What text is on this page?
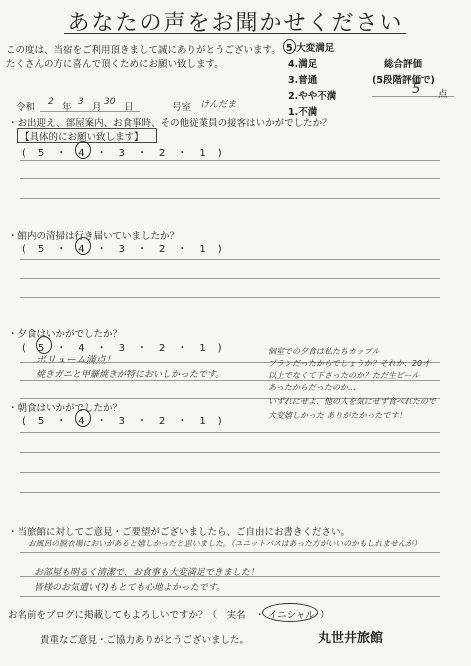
あなたの声をお聞かせください
この度は、当宿をご利用頂きまして誠にありがとうございます。
たくさんの方に喜んで頂くためにお願い致します。
5.大変満足
4.満足
3.普通
2.やや不満
1.不満
総合評価
(5段階評価で)
5 点
令和 2 年 3 月 30 日	号室 けんだま
・お出迎え、部屋案内、お食事時、その他従業員の接客はいかがでしたか？
【具体的にお願い致します】
(　5　・　4　・　3　・　2　・　1　)
・館内の清掃は行き届いていましたか？
(　5　・　4　・　3　・　2　・　1　)
・夕食はいかがでしたか？
(　5　・　4　・　3　・　2　・　1　)
ボリューム満点！
焼きガニと甲羅焼きが特においしかったです。
個室での夕食は私たちカップル
プランだったからでしょうか？それか、20才
以上でなくて下さったのか？ただ生ビール
あったからだったのか…
いずれにせよ、他の人を気にせず食べれたので
大変嬉しかった ありがたかったです！
・朝食はいかがでしたか？
(　5　・　4　・　3　・　2　・　1　)
・当旅館に対してご意見・ご要望がございましたら、ご自由にお書きください。
お風呂の脱衣場においがあると嬉しかったと思いました。（ユニットバスはあった方がいいのかもしれませんが）
お部屋も明るく清潔で、お食事も大変満足できました！
皆様のお気遣い(?)もとても心地よかったです。
お名前をブログに掲載してもよろしいですか？（　実名　・ イニシャル ）
貴重なご意見・ご協力ありがとうございました。	丸世井旅館
